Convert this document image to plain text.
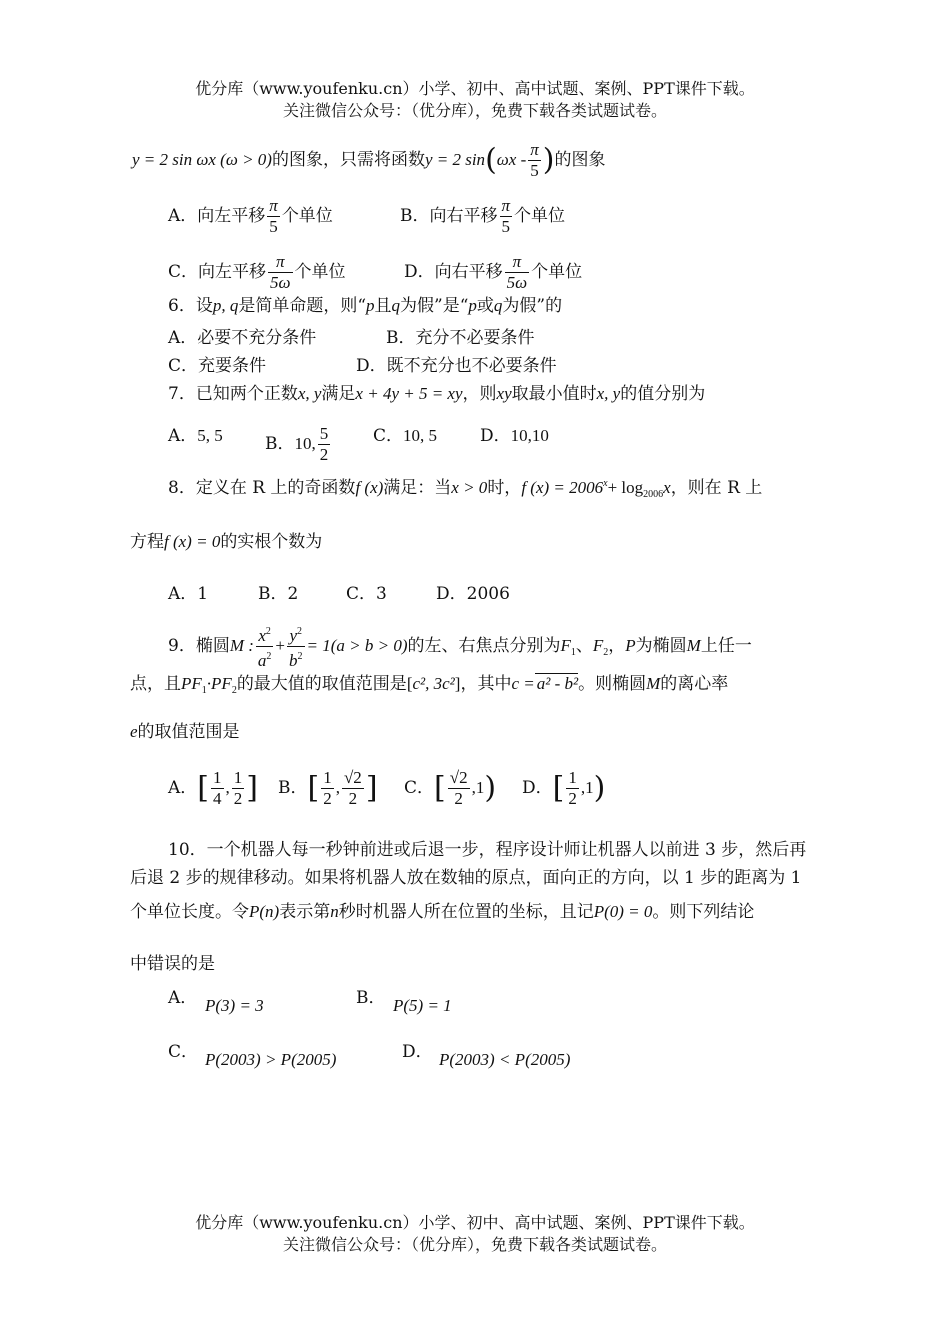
优分库（www.youfenku.cn）小学、初中、高中试题、案例、PPT课件下载。
关注微信公众号：（优分库），免费下载各类试题试卷。
y = 2 sin ωx (ω > 0)的图象，只需将函数y = 2 $\sin(\omega x - \frac{\pi}{5}$ )的图象
A．向左平移 $\frac{\pi}{5}$ 个单位	B．向右平移 $\frac{\pi}{5}$ 个单位
C．向左平移 $\frac{\pi}{5\omega}$ 个单位	D．向右平移 $\frac{\pi}{5\omega}$ 个单位
6．设p, q是简单命题，则“p且q为假”是“p或q为假”的
A．必要不充分条件	B．充分不必要条件
C．充要条件	D．既不充分也不必要条件
7．已知两个正数x, y满足x + 4y + 5 = xy，则xy取最小值时x, y的值分别为
A．5, 5 B．10, $\frac{5}{2}$	C．10, 5	D．10,10
8．定义在 R 上的奇函数f (x)满足：当x > 0时，f $(x) = 2006^x+ \log_{2006}x$，则在 R 上
方程f (x) = 0的实根个数为
A．1	B．2	C．3	D．2006
9．椭圆M : $\frac{x^2}{a^2} + \frac{y^2}{b^2} = 1(a > b > 0)$的左、右焦点分别为$F_1$、$F_2$，P为椭圆M上任一
点，且$PF_1\cdot PF_2$的最大值的取值范围是[c², 3c²]，其中c = a² - b²。则椭圆M的离心率
e的取值范围是
A．[ $\frac{1}{4}$ , $\frac{1}{2}$ ] B．[ $\frac{1}{2}$ , $\frac{√2}{2}$ ] C．[ $\frac{√2}{2} ,1$) D．[ $\frac{1}{2} ,1$)
10．一个机器人每一秒钟前进或后退一步，程序设计师让机器人以前进 3 步，然后再
后退 2 步的规律移动。如果将机器人放在数轴的原点，面向正的方向，以 1 步的距离为 1
个单位长度。令P(n)表示第n秒时机器人所在位置的坐标，且记P(0) = 0。则下列结论
中错误的是
A． P(3) = 3	B． P(5) = 1
C． P(2003) > P(2005)	D． P(2003) < P(2005)
优分库（www.youfenku.cn）小学、初中、高中试题、案例、PPT课件下载。
关注微信公众号：（优分库），免费下载各类试题试卷。
